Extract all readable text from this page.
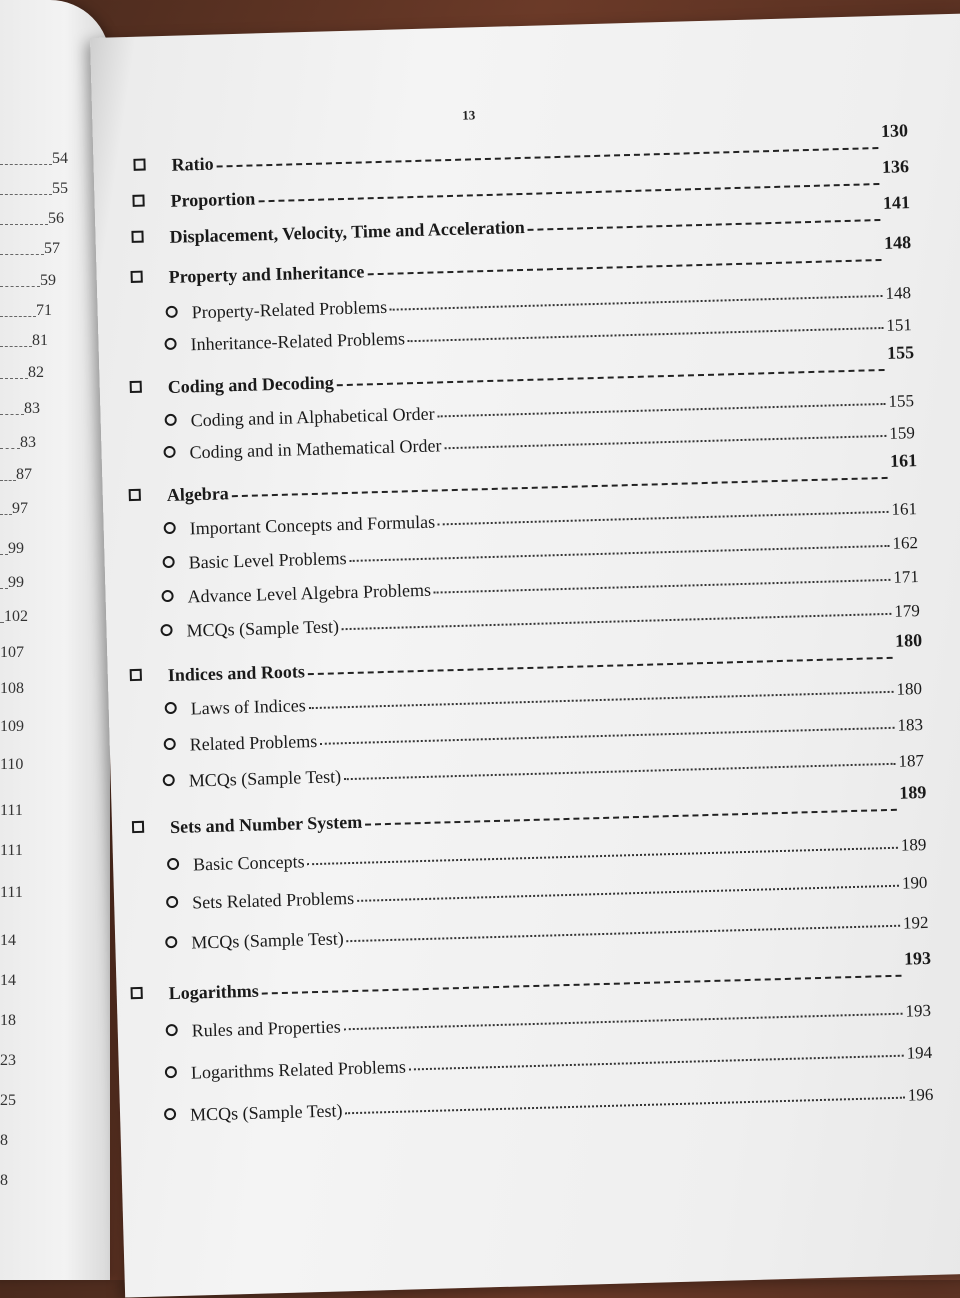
54
55
56
57
59
71
81
82
83
83
87
97
99
99
102
107
108
109
110
111
111
111
14
14
18
23
25
8
8
13
Ratio
130
Proportion
136
Displacement, Velocity, Time and Acceleration
141
Property and Inheritance
148
Property-Related Problems
148
Inheritance-Related Problems
151
Coding and Decoding
155
Coding and in Alphabetical Order
155
Coding and in Mathematical Order
159
Algebra
161
Important Concepts and Formulas
161
Basic Level Problems
162
Advance Level Algebra Problems
171
MCQs (Sample Test)
179
Indices and Roots
180
Laws of Indices
180
Related Problems
183
MCQs (Sample Test)
187
Sets and Number System
189
Basic Concepts
189
Sets Related Problems
190
MCQs (Sample Test)
192
Logarithms
193
Rules and Properties
193
Logarithms Related Problems
194
MCQs (Sample Test)
196
